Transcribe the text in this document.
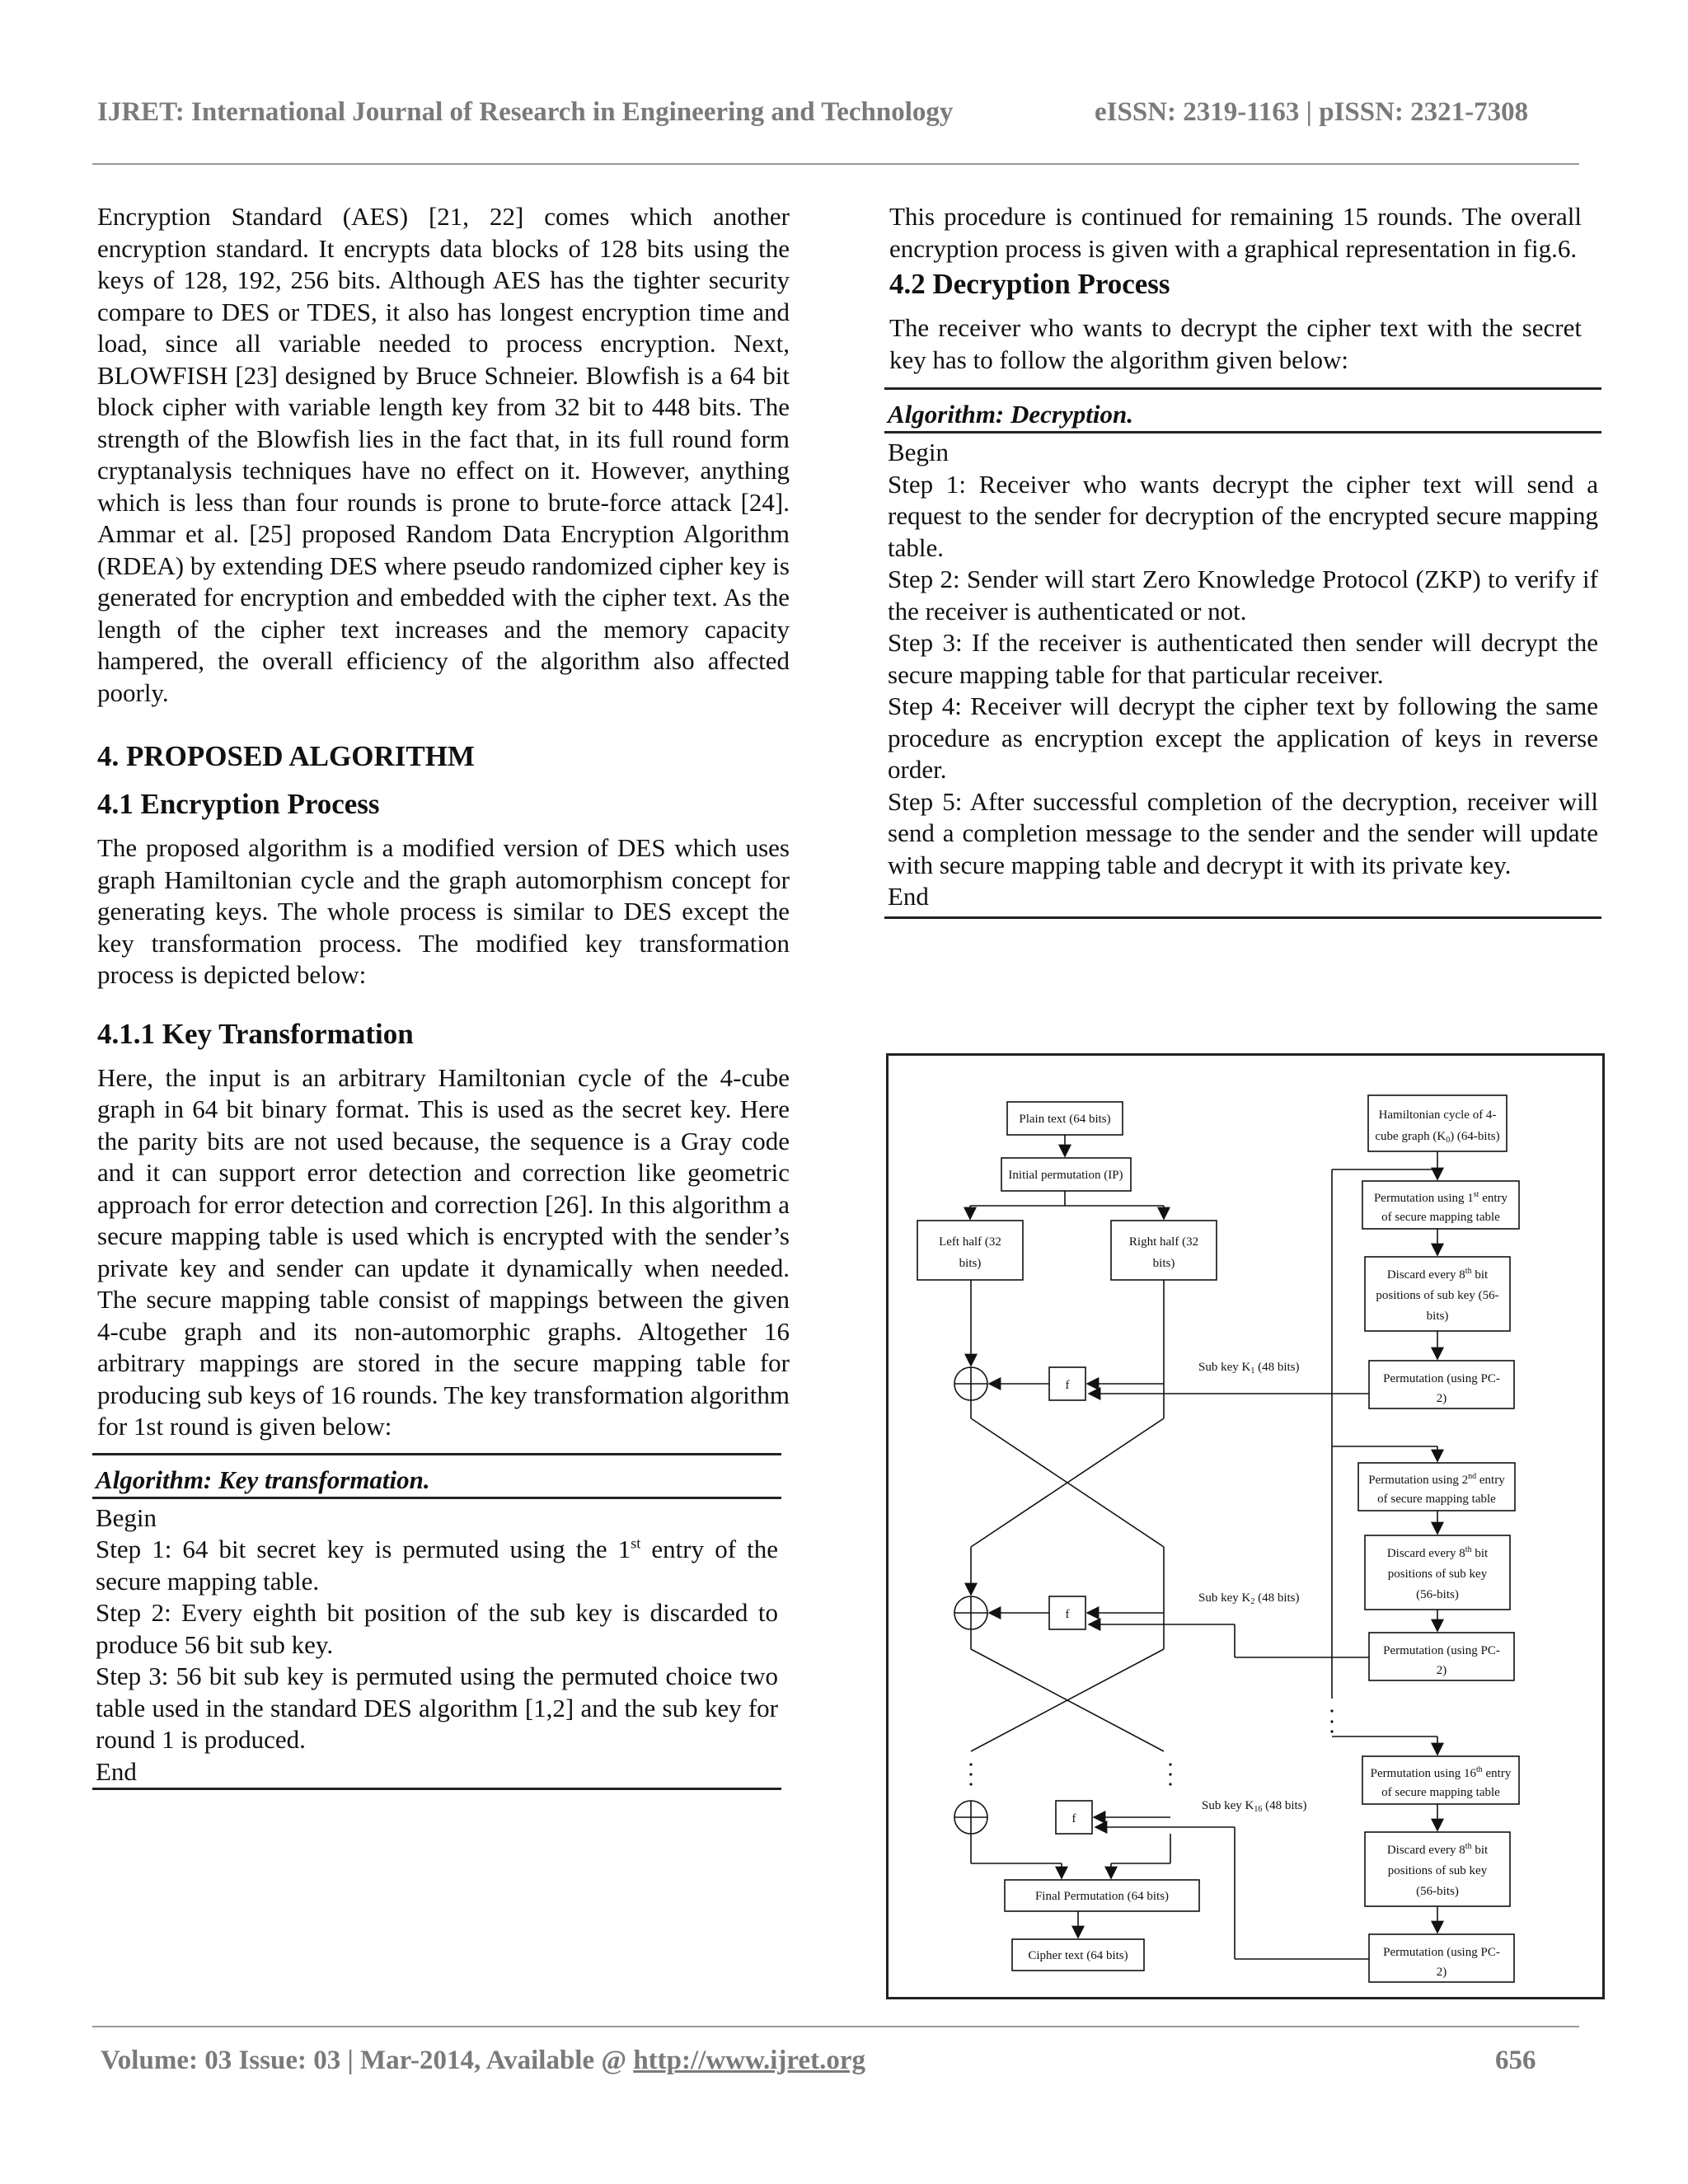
IJRET: International Journal of Research in Engineering and Technology	eISSN: 2319-1163 | pISSN: 2321-7308

Encryption Standard (AES) [21, 22] comes which another encryption standard. It encrypts data blocks of 128 bits using the keys of 128, 192, 256 bits. Although AES has the tighter security compare to DES or TDES, it also has longest encryption time and load, since all variable needed to process encryption. Next, BLOWFISH [23] designed by Bruce Schneier. Blowfish is a 64 bit block cipher with variable length key from 32 bit to 448 bits. The strength of the Blowfish lies in the fact that, in its full round form cryptanalysis techniques have no effect on it. However, anything which is less than four rounds is prone to brute-force attack [24]. Ammar et al. [25] proposed Random Data Encryption Algorithm (RDEA) by extending DES where pseudo randomized cipher key is generated for encryption and embedded with the cipher text. As the length of the cipher text increases and the memory capacity hampered, the overall efficiency of the algorithm also affected poorly.

4. PROPOSED ALGORITHM
4.1 Encryption Process

The proposed algorithm is a modified version of DES which uses graph Hamiltonian cycle and the graph automorphism concept for generating keys. The whole process is similar to DES except the key transformation process. The modified key transformation process is depicted below:

4.1.1 Key Transformation

Here, the input is an arbitrary Hamiltonian cycle of the 4-cube graph in 64 bit binary format. This is used as the secret key. Here the parity bits are not used because, the sequence is a Gray code and it can support error detection and correction like geometric approach for error detection and correction [26]. In this algorithm a secure mapping table is used which is encrypted with the sender’s private key and sender can update it dynamically when needed. The secure mapping table consist of mappings between the given 4-cube graph and its non-automorphic graphs. Altogether 16 arbitrary mappings are stored in the secure mapping table for producing sub keys of 16 rounds. The key transformation algorithm for 1st round is given below:

Algorithm: Key transformation.

Begin

Step 1: 64 bit secret key is permuted using the 1st entry of the secure mapping table.

Step 2: Every eighth bit position of the sub key is discarded to produce 56 bit sub key.

Step 3: 56 bit sub key is permuted using the permuted choice two table used in the standard DES algorithm [1,2] and the sub key for round 1 is produced.

End

This procedure is continued for remaining 15 rounds. The overall encryption process is given with a graphical representation in fig.6.

4.2 Decryption Process

The receiver who wants to decrypt the cipher text with the secret key has to follow the algorithm given below:

Algorithm: Decryption.

Begin

Step 1: Receiver who wants decrypt the cipher text will send a request to the sender for decryption of the encrypted secure mapping table.

Step 2: Sender will start Zero Knowledge Protocol (ZKP) to verify if the receiver is authenticated or not.

Step 3: If the receiver is authenticated then sender will decrypt the secure mapping table for that particular receiver.

Step 4: Receiver will decrypt the cipher text by following the same procedure as encryption except the application of keys in reverse order.

Step 5: After successful completion of the decryption, receiver will send a completion message to the sender and the sender will update with secure mapping table and decrypt it with its private key.

End

Plain text (64 bits)
Initial permutation (IP)
Left half (32
bits)
Right half (32
bits)
f
f
f
Hamiltonian cycle of 4-
cube graph $(K_0)$ (64-bits)
Permutation using 1st entry
of secure mapping table
Discard every 8th bit
positions of sub key (56-
bits)
Permutation (using PC-
2)
Permutation using 2nd entry
of secure mapping table
Discard every 8th bit
positions of sub key
(56-bits)
Permutation (using PC-
2)
Permutation using 16th entry
of secure mapping table
Discard every 8th bit
positions of sub key
(56-bits)
Permutation (using PC-
2)
Sub key $K_1$ (48 bits)
Sub key $K_2$ (48 bits)
Sub key $K_{16}$ (48 bits)
Final Permutation (64 bits)
Cipher text (64 bits)
Volume: 03 Issue: 03 | Mar-2014, Available @ http://www.ijret.org	656
